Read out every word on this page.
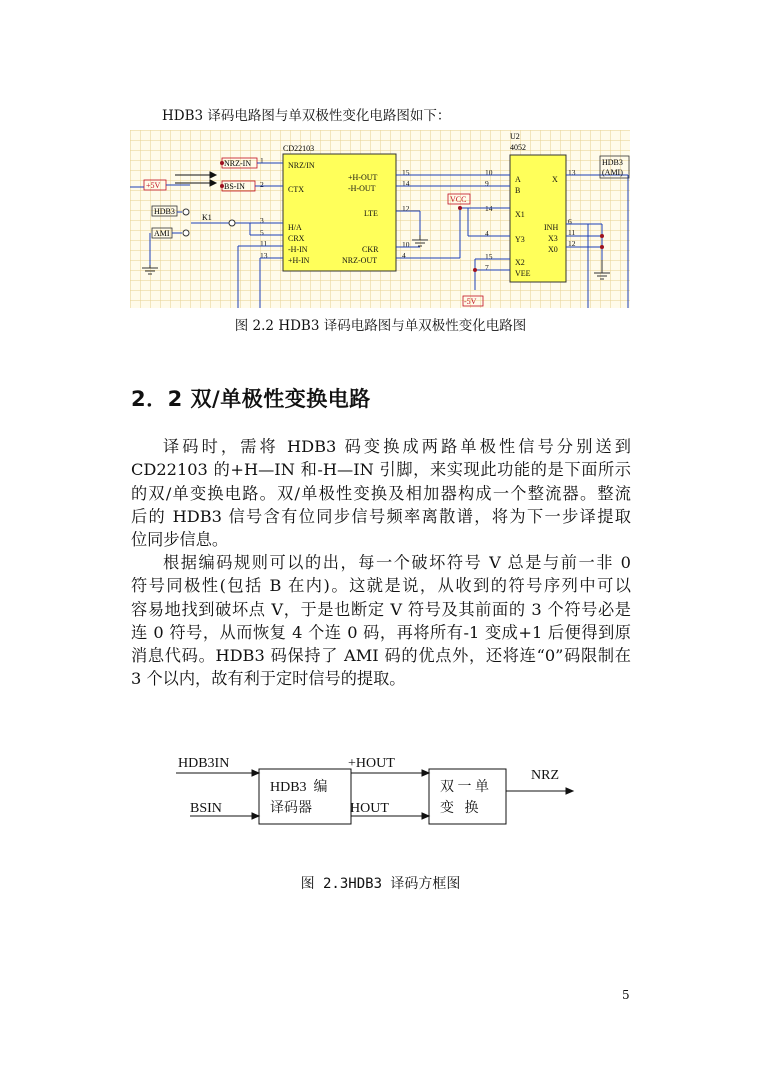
HDB3 译码电路图与单双极性变化电路图如下：
CD22103
NRZ/IN
CTX
H/A
CRX
-H-IN
+H-IN
+H-OUT
-H-OUT
LTE
CKR
NRZ-OUT
1
2
3
5
11
13
15
14
12
10
4
U2
4052
A
B
X1
Y3
X2
VEE
X
INH
X3
X0
10
9
14
4
15
7
13
6
11
12
NRZ-IN
BS-IN
+5V
HDB3
AMI
K1
VCC
-5V
HDB3
(AMI)
图 2.2 HDB3 译码电路图与单双极性变化电路图
2．2 双/单极性变换电路
译码时，需将 HDB3 码变换成两路单极性信号分别送到
CD22103 的+H—IN 和-H—IN 引脚，来实现此功能的是下面所示
的双/单变换电路。双/单极性变换及相加器构成一个整流器。整流
后的 HDB3 信号含有位同步信号频率离散谱，将为下一步译提取
位同步信息。
根据编码规则可以的出，每一个破坏符号 V 总是与前一非 0
符号同极性(包括 B 在内)。这就是说，从收到的符号序列中可以
容易地找到破坏点 V，于是也断定 V 符号及其前面的 3 个符号必是
连 0 符号，从而恢复 4 个连 0 码，再将所有-1 变成+1 后便得到原
消息代码。HDB3 码保持了 AMI 码的优点外，还将连“0”码限制在
3 个以内，故有利于定时信号的提取。
HDB3IN
BSIN
+HOUT
HOUT
NRZ
HDB3  编
译码器
双 一 单
变   换
图 2.3HDB3 译码方框图
5
